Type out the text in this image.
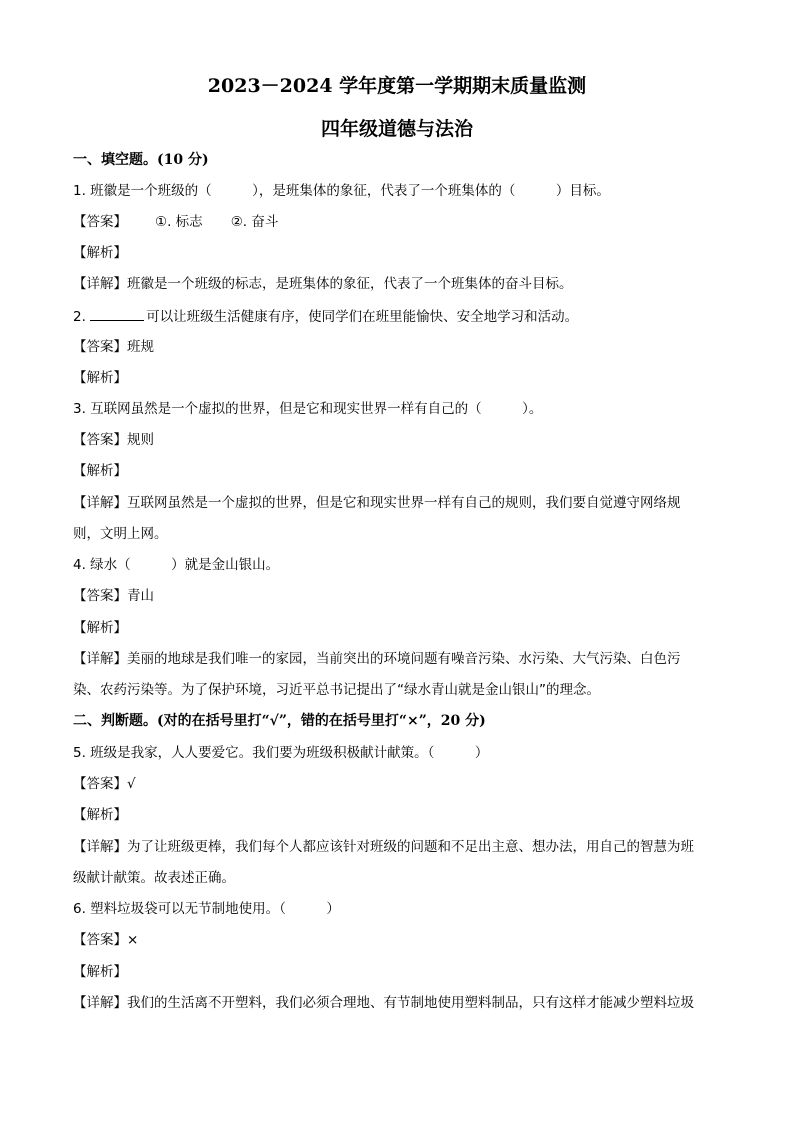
2023－2024 学年度第一学期期末质量监测
四年级道德与法治
一、填空题。(10 分)
1. 班徽是一个班级的（　　　），是班集体的象征，代表了一个班集体的（　　　）目标。
【答案】 ①. 标志 ②. 奋斗
【解析】
【详解】班徽是一个班级的标志，是班集体的象征，代表了一个班集体的奋斗目标。
2.	可以让班级生活健康有序，使同学们在班里能愉快、安全地学习和活动。
【答案】班规
【解析】
3. 互联网虽然是一个虚拟的世界，但是它和现实世界一样有自己的（　　　）。
【答案】规则
【解析】
【详解】互联网虽然是一个虚拟的世界，但是它和现实世界一样有自己的规则，我们要自觉遵守网络规
则，文明上网。
4. 绿水（　　　）就是金山银山。
【答案】青山
【解析】
【详解】美丽的地球是我们唯一的家园，当前突出的环境问题有噪音污染、水污染、大气污染、白色污
染、农药污染等。为了保护环境，习近平总书记提出了“绿水青山就是金山银山”的理念。
二、判断题。(对的在括号里打“√”，错的在括号里打“×”，20 分)
5. 班级是我家，人人要爱它。我们要为班级积极献计献策。（　　　）
【答案】√
【解析】
【详解】为了让班级更棒，我们每个人都应该针对班级的问题和不足出主意、想办法，用自己的智慧为班
级献计献策。故表述正确。
6. 塑料垃圾袋可以无节制地使用。（　　　）
【答案】×
【解析】
【详解】我们的生活离不开塑料，我们必须合理地、有节制地使用塑料制品，只有这样才能减少塑料垃圾
